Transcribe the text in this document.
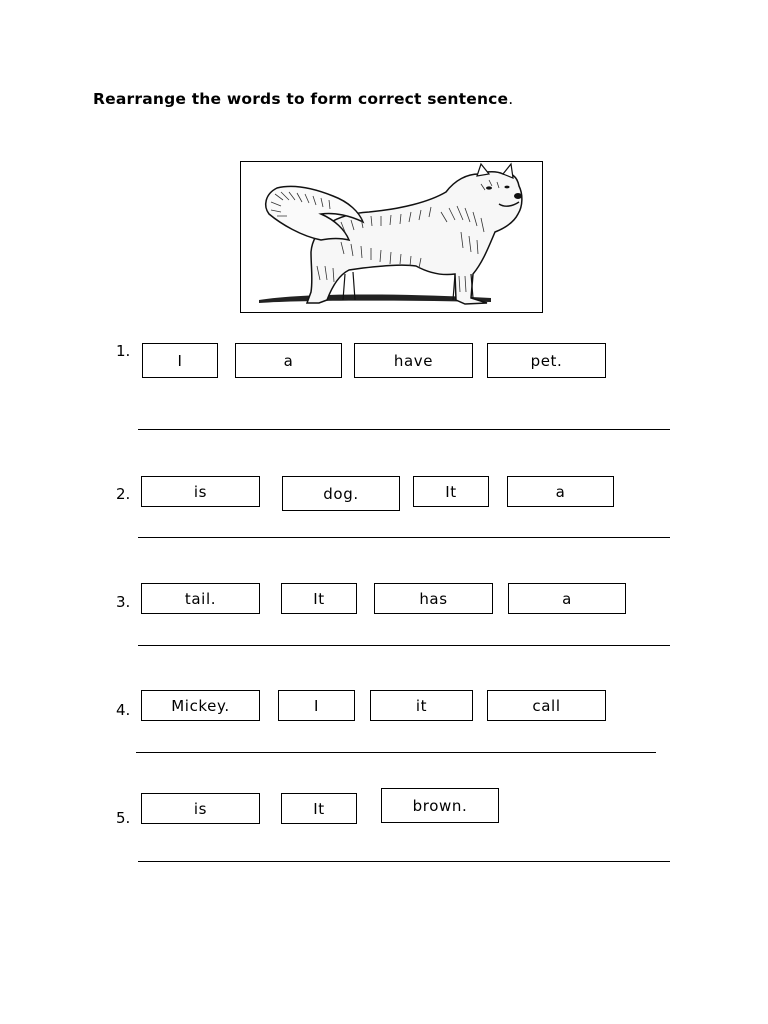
Rearrange the words to form correct sentence.
1.
I	a	have	pet.
2.	is	dog.	It	a
3.	tail.	It	has	a
4.	Mickey.	I	it	call
5.
is	It	brown.
